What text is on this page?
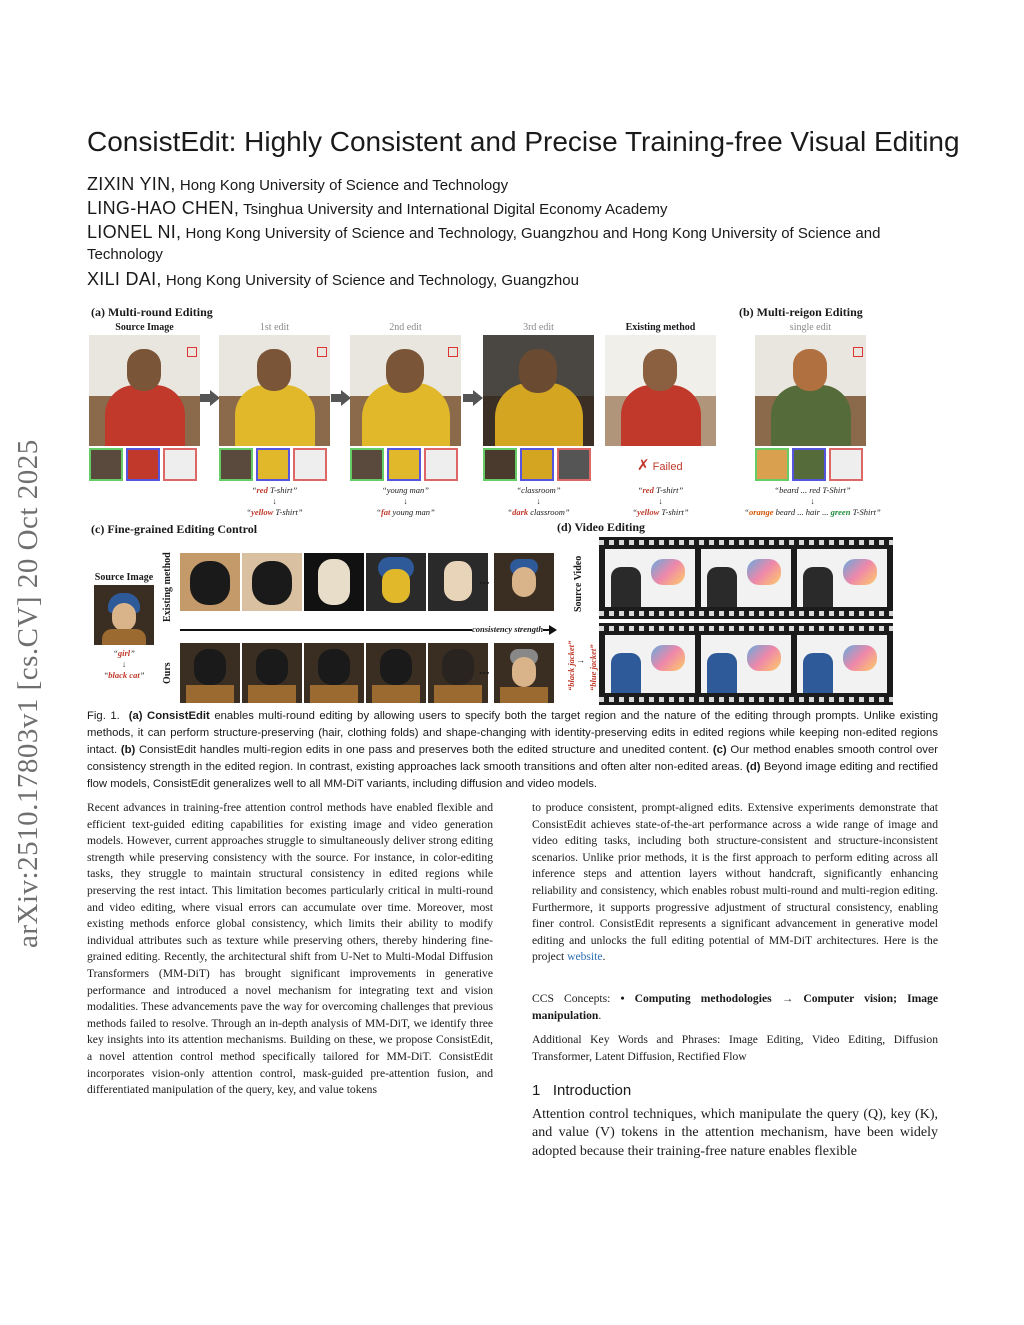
arXiv:2510.17803v1 [cs.CV] 20 Oct 2025
ConsistEdit: Highly Consistent and Precise Training-free Visual Editing
ZIXIN YIN, Hong Kong University of Science and Technology
LING-HAO CHEN, Tsinghua University and International Digital Economy Academy
LIONEL NI, Hong Kong University of Science and Technology, Guangzhou and Hong Kong University of Science and
Technology
XILI DAI, Hong Kong University of Science and Technology, Guangzhou
(a) Multi-round Editing	(b) Multi-reigon Editing
Source Image	1st edit	2nd edit	3rd edit	Existing method	single edit
✗ Failed
“red T-shirt”
↓
“yellow T-shirt”
“young man”
↓
“fat young man”
“classroom”
↓
“dark classroom”
“red T-shirt”
↓
“yellow T-shirt”
“beard ... red T-Shirt”
↓
“orange beard ... hair ... green T-Shirt”
(c) Fine-grained Editing Control	(d) Video Editing
Source Image
“girl”
↓
“black cat”
Existing method
Ours
...
consistency strength
...
Source Video
“black jacket”
“blue jacket”
→
Fig. 1. (a) ConsistEdit enables multi-round editing by allowing users to specify both the target region and the nature of the editing through prompts. Unlike existing methods, it can perform structure-preserving (hair, clothing folds) and shape-changing with identity-preserving edits in edited regions while keeping non-edited regions intact. (b) ConsistEdit handles multi-region edits in one pass and preserves both the edited structure and unedited content. (c) Our method enables smooth control over consistency strength in the edited region. In contrast, existing approaches lack smooth transitions and often alter non-edited areas. (d) Beyond image editing and rectified flow models, ConsistEdit generalizes well to all MM-DiT variants, including diffusion and video models.
Recent advances in training-free attention control methods have enabled flexible and efficient text-guided editing capabilities for existing image and video generation models. However, current approaches struggle to simultaneously deliver strong editing strength while preserving consistency with the source. For instance, in color-editing tasks, they struggle to maintain structural consistency in edited regions while preserving the rest intact. This limitation becomes particularly critical in multi-round and video editing, where visual errors can accumulate over time. Moreover, most existing methods enforce global consistency, which limits their ability to modify individual attributes such as texture while preserving others, thereby hindering fine-grained editing. Recently, the architectural shift from U-Net to Multi-Modal Diffusion Transformers (MM-DiT) has brought significant improvements in generative performance and introduced a novel mechanism for integrating text and vision modalities. These advancements pave the way for overcoming challenges that previous methods failed to resolve. Through an in-depth analysis of MM-DiT, we identify three key insights into its attention mechanisms. Building on these, we propose ConsistEdit, a novel attention control method specifically tailored for MM-DiT. ConsistEdit incorporates vision-only attention control, mask-guided pre-attention fusion, and differentiated manipulation of the query, key, and value tokens
to produce consistent, prompt-aligned edits. Extensive experiments demonstrate that ConsistEdit achieves state-of-the-art performance across a wide range of image and video editing tasks, including both structure-consistent and structure-inconsistent scenarios. Unlike prior methods, it is the first approach to perform editing across all inference steps and attention layers without handcraft, significantly enhancing reliability and consistency, which enables robust multi-round and multi-region editing. Furthermore, it supports progressive adjustment of structural consistency, enabling finer control. ConsistEdit represents a significant advancement in generative model editing and unlocks the full editing potential of MM-DiT architectures. Here is the project website.
CCS Concepts: • Computing methodologies → Computer vision; Image manipulation.
Additional Key Words and Phrases: Image Editing, Video Editing, Diffusion Transformer, Latent Diffusion, Rectified Flow
1 Introduction
Attention control techniques, which manipulate the query (Q), key (K), and value (V) tokens in the attention mechanism, have been widely adopted because their training-free nature enables flexible
